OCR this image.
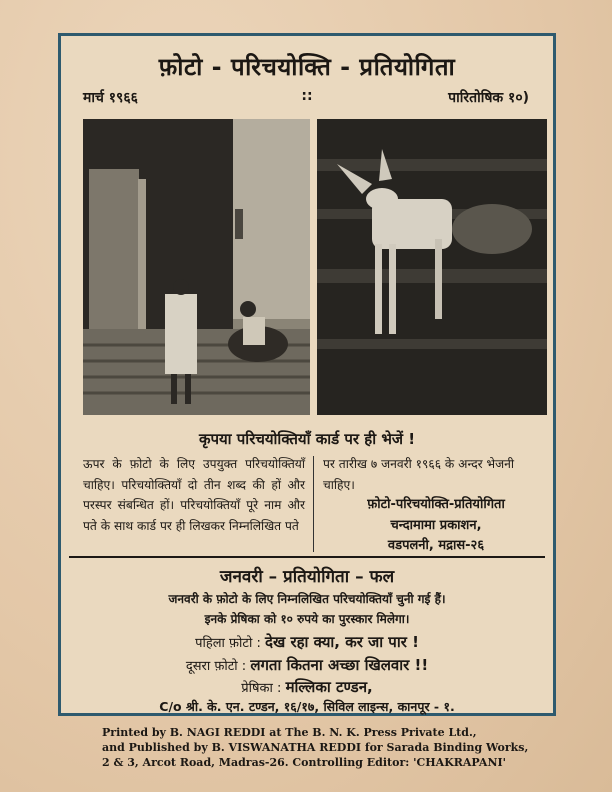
फ़ोटो - परिचयोक्ति - प्रतियोगिता
मार्च १९६६	::	पारितोषिक १०)
कृपया परिचयोक्तियाँ कार्ड पर ही भेजें !
ऊपर के फ़ोटो के लिए उपयुक्त परिचयोक्तियाँ चाहिए। परिचयोक्तियाँ दो तीन शब्द की हों और परस्पर संबन्धित हों। परिचयोक्तियाँ पूरे नाम और पते के साथ कार्ड पर ही लिखकर निम्नलिखित पते
पर तारीख ७ जनवरी १९६६ के अन्दर भेजनी चाहिए।
फ़ोटो-परिचयोक्ति-प्रतियोगिता
चन्दामामा प्रकाशन,
वडपलनी, मद्रास-२६
जनवरी – प्रतियोगिता – फल
जनवरी के फ़ोटो के लिए निम्नलिखित परिचयोक्तियाँ चुनी गई हैं।
इनके प्रेषिका को १० रुपये का पुरस्कार मिलेगा।
पहिला फ़ोटो : देख रहा क्या, कर जा पार !
दूसरा फ़ोटो : लगता कितना अच्छा खिलवार !!
प्रेषिका : मल्लिका टण्डन,
C/o श्री. के. एन. टण्डन, १६/१७, सिविल लाइन्स, कानपूर - १.
Printed by B. NAGI REDDI at The B. N. K. Press Private Ltd.,
and Published by B. VISWANATHA REDDI for Sarada Binding Works,
2 & 3, Arcot Road, Madras-26. Controlling Editor: 'CHAKRAPANI'
